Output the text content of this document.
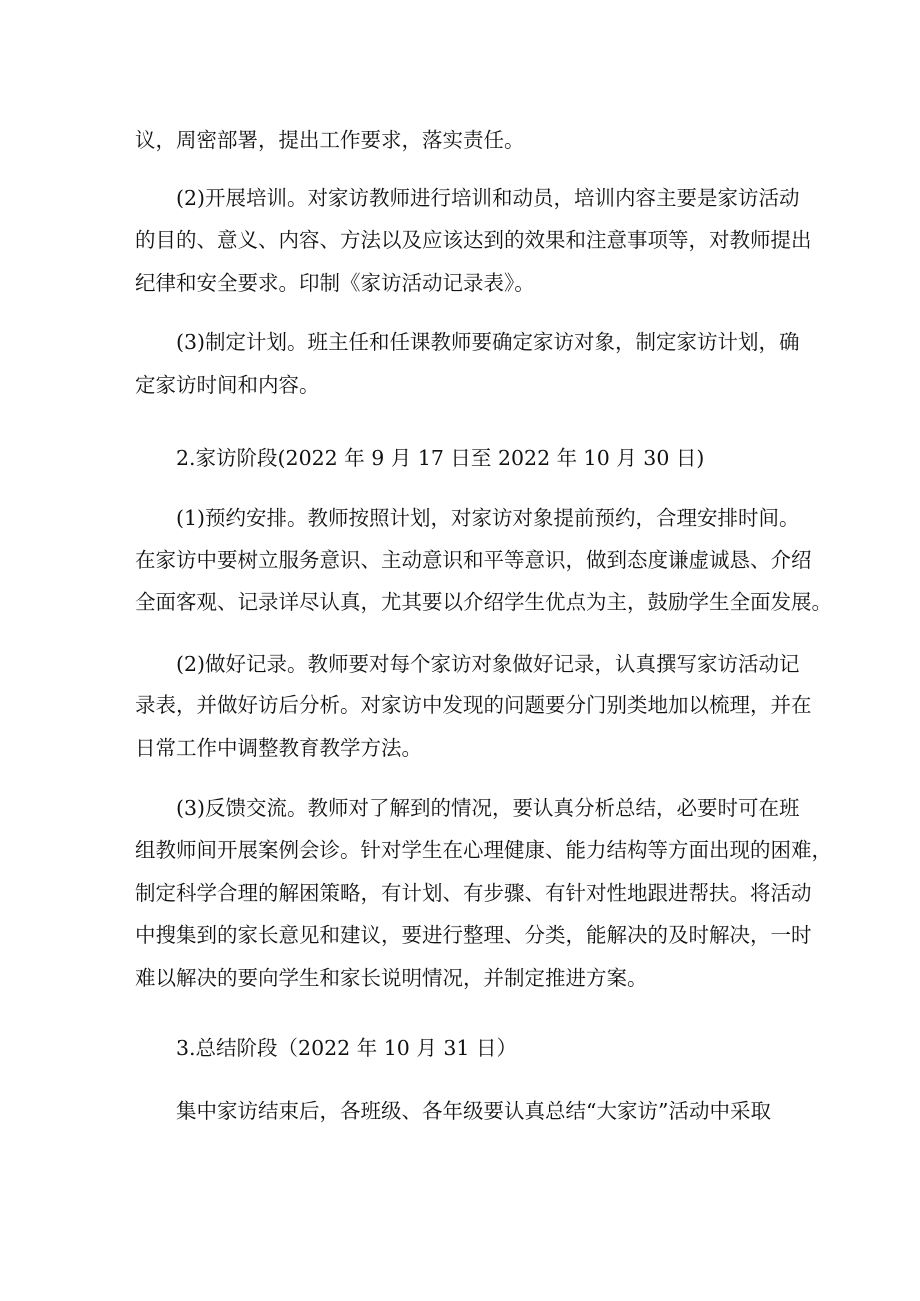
议，周密部署，提出工作要求，落实责任。
(2)开展培训。对家访教师进行培训和动员，培训内容主要是家访活动
的目的、意义、内容、方法以及应该达到的效果和注意事项等，对教师提出
纪律和安全要求。印制《家访活动记录表》。
(3)制定计划。班主任和任课教师要确定家访对象，制定家访计划，确
定家访时间和内容。
2.家访阶段(2022 年 9 月 17 日至 2022 年 10 月 30 日)
(1)预约安排。教师按照计划，对家访对象提前预约，合理安排时间。
在家访中要树立服务意识、主动意识和平等意识，做到态度谦虚诚恳、介绍
全面客观、记录详尽认真，尤其要以介绍学生优点为主，鼓励学生全面发展。
(2)做好记录。教师要对每个家访对象做好记录，认真撰写家访活动记
录表，并做好访后分析。对家访中发现的问题要分门别类地加以梳理，并在
日常工作中调整教育教学方法。
(3)反馈交流。教师对了解到的情况，要认真分析总结，必要时可在班
组教师间开展案例会诊。针对学生在心理健康、能力结构等方面出现的困难，
制定科学合理的解困策略，有计划、有步骤、有针对性地跟进帮扶。将活动
中搜集到的家长意见和建议，要进行整理、分类，能解决的及时解决，一时
难以解决的要向学生和家长说明情况，并制定推进方案。
3.总结阶段（2022 年 10 月 31 日）
集中家访结束后，各班级、各年级要认真总结“大家访”活动中采取
